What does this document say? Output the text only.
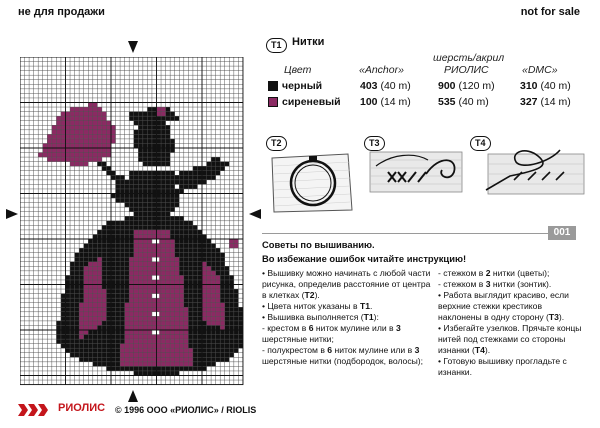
не для продажи	not for sale
T1 Нитки
шерсть/акрил
Цвет	«Anchor»	РИОЛИС	«DMC»
черный	403 (40 m)	900 (120 m) 310 (40 m)
сиреневый 100 (14 m)	535 (40 m)	327 (14 m)
T2	T3	T4
001
Советы по вышиванию.
Во избежание ошибок читайте инструкцию!

• Вышивку можно начинать с любой части рисунка, определив расстояние от центра в клетках (T2).

• Цвета ниток указаны в T1.

• Вышивка выполняется (T1):

- крестом в 6 ниток мулине или в 3 шерстяные нитки;

- полукрестом в 6 ниток мулине или в 3 шерстяные нитки (подбородок, волосы);

- стежком в 2 нитки (цветы);

- стежком в 3 нитки (зонтик).

• Работа выглядит красиво, если верхние стежки крестиков наклонены в одну сторону (T3).

• Избегайте узелков. Прячьте концы нитей под стежками со стороны изнанки (T4).

• Готовую вышивку прогладьте с изнанки.

РИОЛИС © 1996 ООО «РИОЛИС» / RIOLIS
